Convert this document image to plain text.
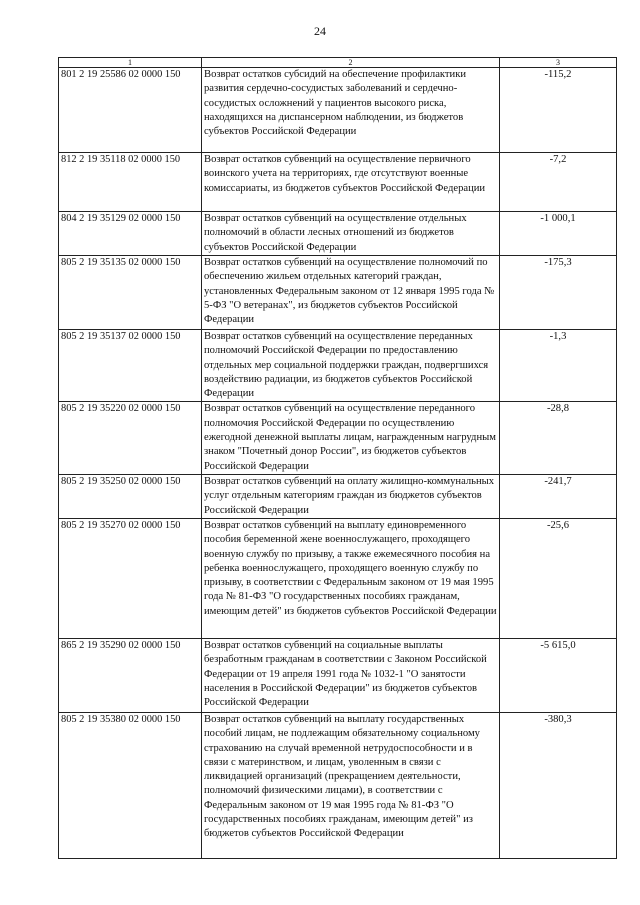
24
1	2	3
801 2 19 25586 02 0000 150	Возврат остатков субсидий на обеспечение профилактики развития сердечно-сосудистых заболеваний и сердечно-сосудистых осложнений у пациентов высокого риска, находящихся на диспансерном наблюдении, из бюджетов субъектов Российской Федерации	-115,2
812 2 19 35118 02 0000 150	Возврат остатков субвенций на осуществление первичного воинского учета на территориях, где отсутствуют военные комиссариаты, из бюджетов субъектов Российской Федерации	-7,2
804 2 19 35129 02 0000 150	Возврат остатков субвенций на осуществление отдельных полномочий в области лесных отношений из бюджетов субъектов Российской Федерации	-1 000,1
805 2 19 35135 02 0000 150	Возврат остатков субвенций на осуществление полномочий по обеспечению жильем отдельных категорий граждан, установленных Федеральным законом от 12 января 1995 года № 5-ФЗ "О ветеранах", из бюджетов субъектов Российской Федерации	-175,3
805 2 19 35137 02 0000 150	Возврат остатков субвенций на осуществление переданных полномочий Российской Федерации по предоставлению отдельных мер социальной поддержки граждан, подвергшихся воздействию радиации, из бюджетов субъектов Российской Федерации	-1,3
805 2 19 35220 02 0000 150	Возврат остатков субвенций на осуществление переданного полномочия Российской Федерации по осуществлению ежегодной денежной выплаты лицам, награжденным нагрудным знаком "Почетный донор России", из бюджетов субъектов Российской Федерации	-28,8
805 2 19 35250 02 0000 150	Возврат остатков субвенций на оплату жилищно-коммунальных услуг отдельным категориям граждан из бюджетов субъектов Российской Федерации	-241,7
805 2 19 35270 02 0000 150	Возврат остатков субвенций на выплату единовременного пособия беременной жене военнослужащего, проходящего военную службу по призыву, а также ежемесячного пособия на ребенка военнослужащего, проходящего военную службу по призыву, в соответствии с Федеральным законом от 19 мая 1995 года № 81-ФЗ "О государственных пособиях гражданам, имеющим детей" из бюджетов субъектов Российской Федерации	-25,6
865 2 19 35290 02 0000 150	Возврат остатков субвенций на социальные выплаты безработным гражданам в соответствии с Законом Российской Федерации от 19 апреля 1991 года № 1032-1 "О занятости населения в Российской Федерации" из бюджетов субъектов Российской Федерации	-5 615,0
805 2 19 35380 02 0000 150	Возврат остатков субвенций на выплату государственных пособий лицам, не подлежащим обязательному социальному страхованию на случай временной нетрудоспособности и в связи с материнством, и лицам, уволенным в связи с ликвидацией организаций (прекращением деятельности, полномочий физическими лицами), в соответствии с Федеральным законом от 19 мая 1995 года № 81-ФЗ "О государственных пособиях гражданам, имеющим детей" из бюджетов субъектов Российской Федерации	-380,3
